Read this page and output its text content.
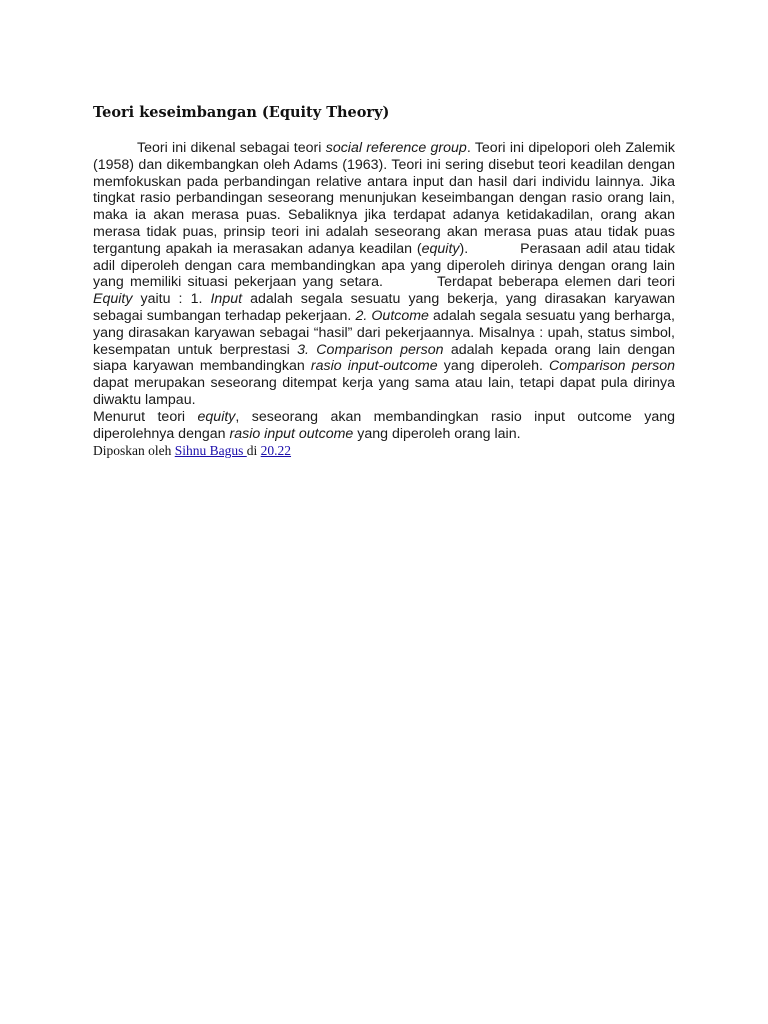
Teori keseimbangan (Equity Theory)

Teori ini dikenal sebagai teori social reference group. Teori ini dipelopori oleh Zalemik (1958) dan dikembangkan oleh Adams (1963). Teori ini sering disebut teori keadilan dengan memfokuskan pada perbandingan relative antara input dan hasil dari individu lainnya. Jika tingkat rasio perbandingan seseorang menunjukan keseimbangan dengan rasio orang lain, maka ia akan merasa puas. Sebaliknya jika terdapat adanya ketidakadilan, orang akan merasa tidak puas, prinsip teori ini adalah seseorang akan merasa puas atau tidak puas tergantung apakah ia merasakan adanya keadilan (equity).	Perasaan adil atau tidak adil diperoleh dengan cara membandingkan apa yang diperoleh dirinya dengan orang lain yang memiliki situasi pekerjaan yang setara.	Terdapat beberapa elemen dari teori Equity yaitu : 1. Input adalah segala sesuatu yang bekerja, yang dirasakan karyawan sebagai sumbangan terhadap pekerjaan. 2. Outcome adalah segala sesuatu yang berharga, yang dirasakan karyawan sebagai “hasil” dari pekerjaannya. Misalnya : upah, status simbol, kesempatan untuk berprestasi 3. Comparison person adalah kepada orang lain dengan siapa karyawan membandingkan rasio input-outcome yang diperoleh. Comparison person dapat merupakan seseorang ditempat kerja yang sama atau lain, tetapi dapat pula dirinya diwaktu lampau.

Menurut teori equity, seseorang akan membandingkan rasio input outcome yang diperolehnya dengan rasio input outcome yang diperoleh orang lain.

Diposkan oleh Sihnu Bagus di 20.22
